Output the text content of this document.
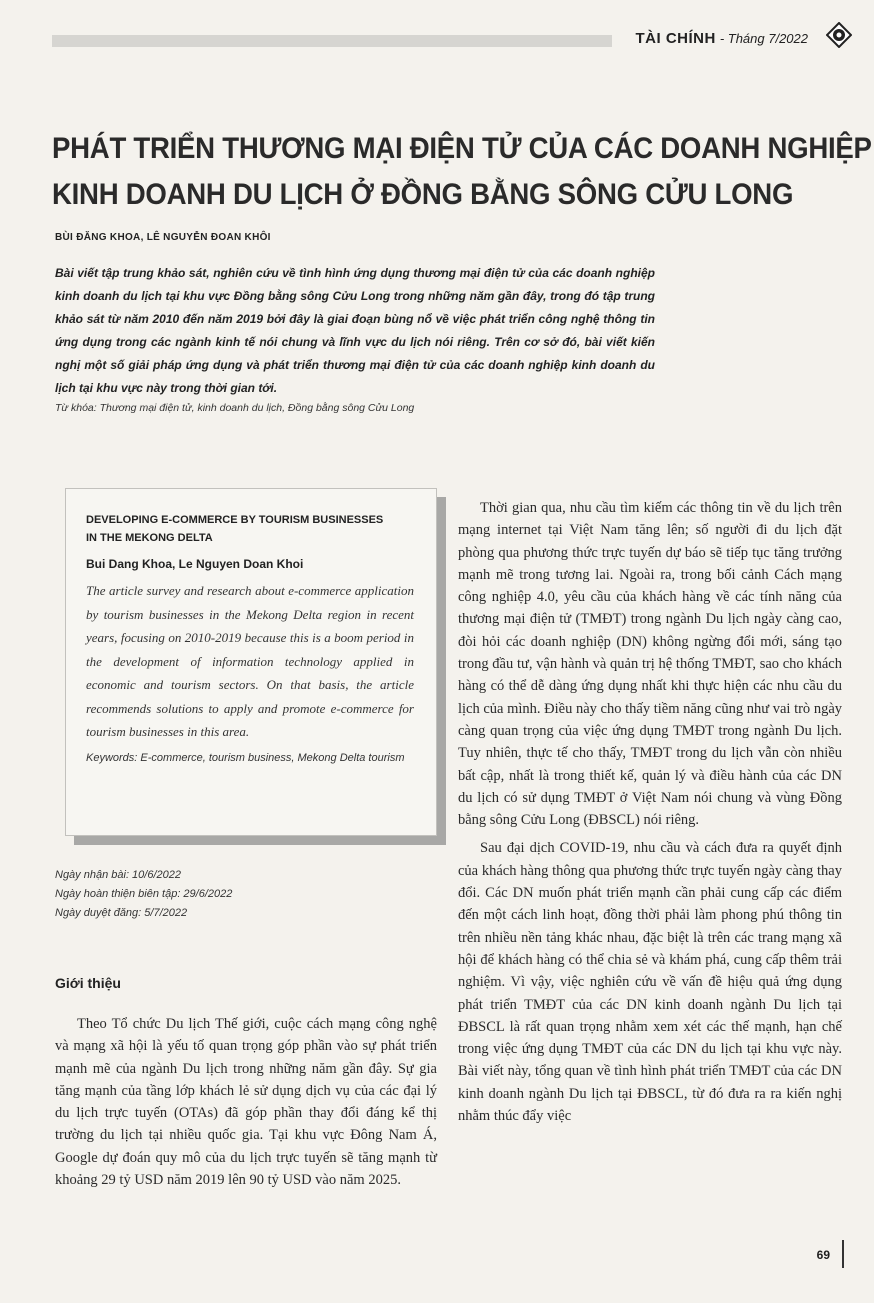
TÀI CHÍNH - Tháng 7/2022
PHÁT TRIỂN THƯƠNG MẠI ĐIỆN TỬ CỦA CÁC DOANH NGHIỆP
KINH DOANH DU LỊCH Ở ĐỒNG BẰNG SÔNG CỬU LONG
BÙI ĐĂNG KHOA, LÊ NGUYỄN ĐOAN KHÔI
Bài viết tập trung khảo sát, nghiên cứu về tình hình ứng dụng thương mại điện tử của các doanh nghiệp kinh doanh du lịch tại khu vực Đồng bằng sông Cửu Long trong những năm gần đây, trong đó tập trung khảo sát từ năm 2010 đến năm 2019 bởi đây là giai đoạn bùng nổ về việc phát triển công nghệ thông tin ứng dụng trong các ngành kinh tế nói chung và lĩnh vực du lịch nói riêng. Trên cơ sở đó, bài viết kiến nghị một số giải pháp ứng dụng và phát triển thương mại điện tử của các doanh nghiệp kinh doanh du lịch tại khu vực này trong thời gian tới.
Từ khóa: Thương mại điện tử, kinh doanh du lịch, Đồng bằng sông Cửu Long
DEVELOPING E-COMMERCE BY TOURISM BUSINESSES IN THE MEKONG DELTA
Bui Dang Khoa, Le Nguyen Doan Khoi
The article survey and research about e-commerce application by tourism businesses in the Mekong Delta region in recent years, focusing on 2010-2019 because this is a boom period in the development of information technology applied in economic and tourism sectors. On that basis, the article recommends solutions to apply and promote e-commerce for tourism businesses in this area.
Keywords: E-commerce, tourism business, Mekong Delta tourism
Ngày nhận bài: 10/6/2022
Ngày hoàn thiện biên tập: 29/6/2022
Ngày duyệt đăng: 5/7/2022
Giới thiệu

Theo Tổ chức Du lịch Thế giới, cuộc cách mạng công nghệ và mạng xã hội là yếu tố quan trọng góp phần vào sự phát triển mạnh mẽ của ngành Du lịch trong những năm gần đây. Sự gia tăng mạnh của tầng lớp khách lẻ sử dụng dịch vụ của các đại lý du lịch trực tuyến (OTAs) đã góp phần thay đổi đáng kể thị trường du lịch tại nhiều quốc gia. Tại khu vực Đông Nam Á, Google dự đoán quy mô của du lịch trực tuyến sẽ tăng mạnh từ khoảng 29 tỷ USD năm 2019 lên 90 tỷ USD vào năm 2025.

Thời gian qua, nhu cầu tìm kiếm các thông tin về du lịch trên mạng internet tại Việt Nam tăng lên; số người đi du lịch đặt phòng qua phương thức trực tuyến dự báo sẽ tiếp tục tăng trưởng mạnh mẽ trong tương lai. Ngoài ra, trong bối cảnh Cách mạng công nghiệp 4.0, yêu cầu của khách hàng về các tính năng của thương mại điện tử (TMĐT) trong ngành Du lịch ngày càng cao, đòi hỏi các doanh nghiệp (DN) không ngừng đổi mới, sáng tạo trong đầu tư, vận hành và quản trị hệ thống TMĐT, sao cho khách hàng có thể dễ dàng ứng dụng nhất khi thực hiện các nhu cầu du lịch của mình. Điều này cho thấy tiềm năng cũng như vai trò ngày càng quan trọng của việc ứng dụng TMĐT trong ngành Du lịch. Tuy nhiên, thực tế cho thấy, TMĐT trong du lịch vẫn còn nhiều bất cập, nhất là trong thiết kế, quản lý và điều hành của các DN du lịch có sử dụng TMĐT ở Việt Nam nói chung và vùng Đồng bằng sông Cửu Long (ĐBSCL) nói riêng.

Sau đại dịch COVID-19, nhu cầu và cách đưa ra quyết định của khách hàng thông qua phương thức trực tuyến ngày càng thay đổi. Các DN muốn phát triển mạnh cần phải cung cấp các điểm đến một cách linh hoạt, đồng thời phải làm phong phú thông tin trên nhiều nền tảng khác nhau, đặc biệt là trên các trang mạng xã hội để khách hàng có thể chia sẻ và khám phá, cung cấp thêm trải nghiệm. Vì vậy, việc nghiên cứu về vấn đề hiệu quả ứng dụng phát triển TMĐT của các DN kinh doanh ngành Du lịch tại ĐBSCL là rất quan trọng nhằm xem xét các thế mạnh, hạn chế trong việc ứng dụng TMĐT của các DN du lịch tại khu vực này. Bài viết này, tổng quan về tình hình phát triển TMĐT của các DN kinh doanh ngành Du lịch tại ĐBSCL, từ đó đưa ra ra kiến nghị nhằm thúc đẩy việc

69
